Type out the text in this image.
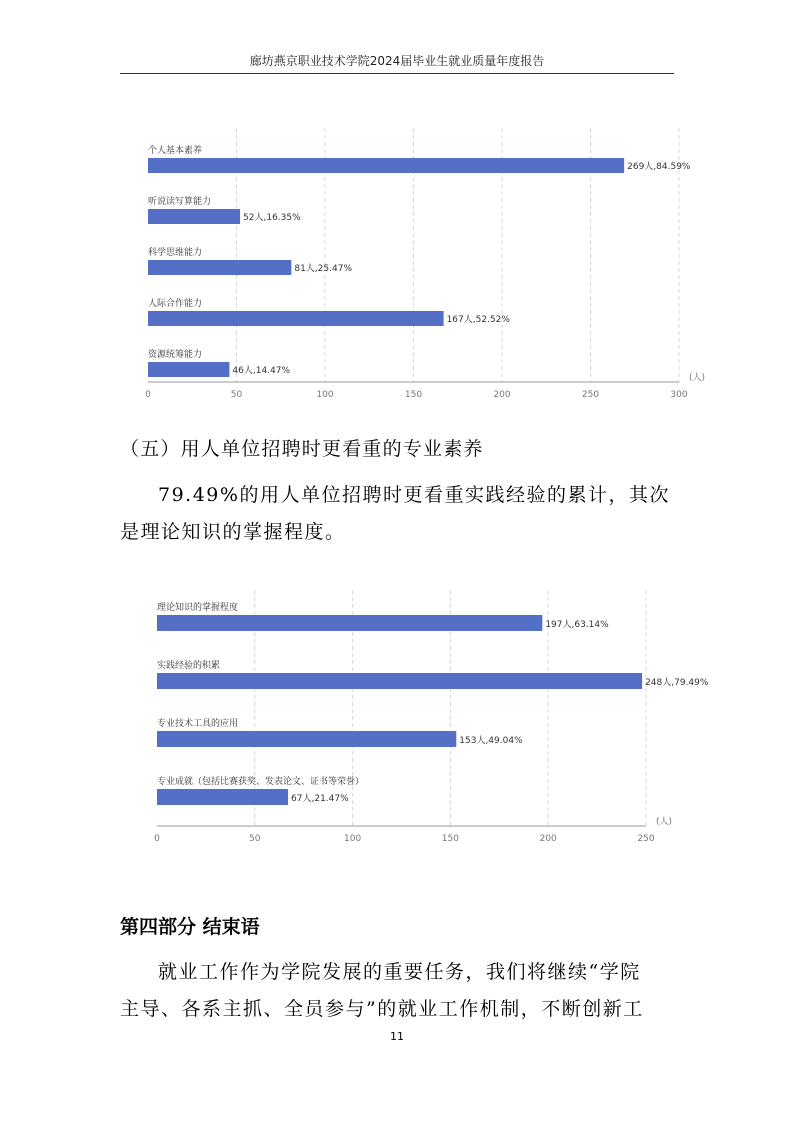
廊坊燕京职业技术学院2024届毕业生就业质量年度报告
0	50	100	150	200	250	300
(人)
个人基本素养
269人,84.59%
听说读写算能力
52人,16.35%
科学思维能力
81人,25.47%
人际合作能力
167人,52.52%
资源统筹能力
46人,14.47%
（五）用人单位招聘时更看重的专业素养
79.49%的用人单位招聘时更看重实践经验的累计，其次
是理论知识的掌握程度。
0	50	100	150	200	250
(人)
理论知识的掌握程度
197人,63.14%
实践经验的积累
248人,79.49%
专业技术工具的应用
153人,49.04%
专业成就（包括比赛获奖、发表论文、证书等荣誉）
67人,21.47%
第四部分 结束语
就业工作作为学院发展的重要任务，我们将继续“学院
主导、各系主抓、全员参与”的就业工作机制，不断创新工
11
